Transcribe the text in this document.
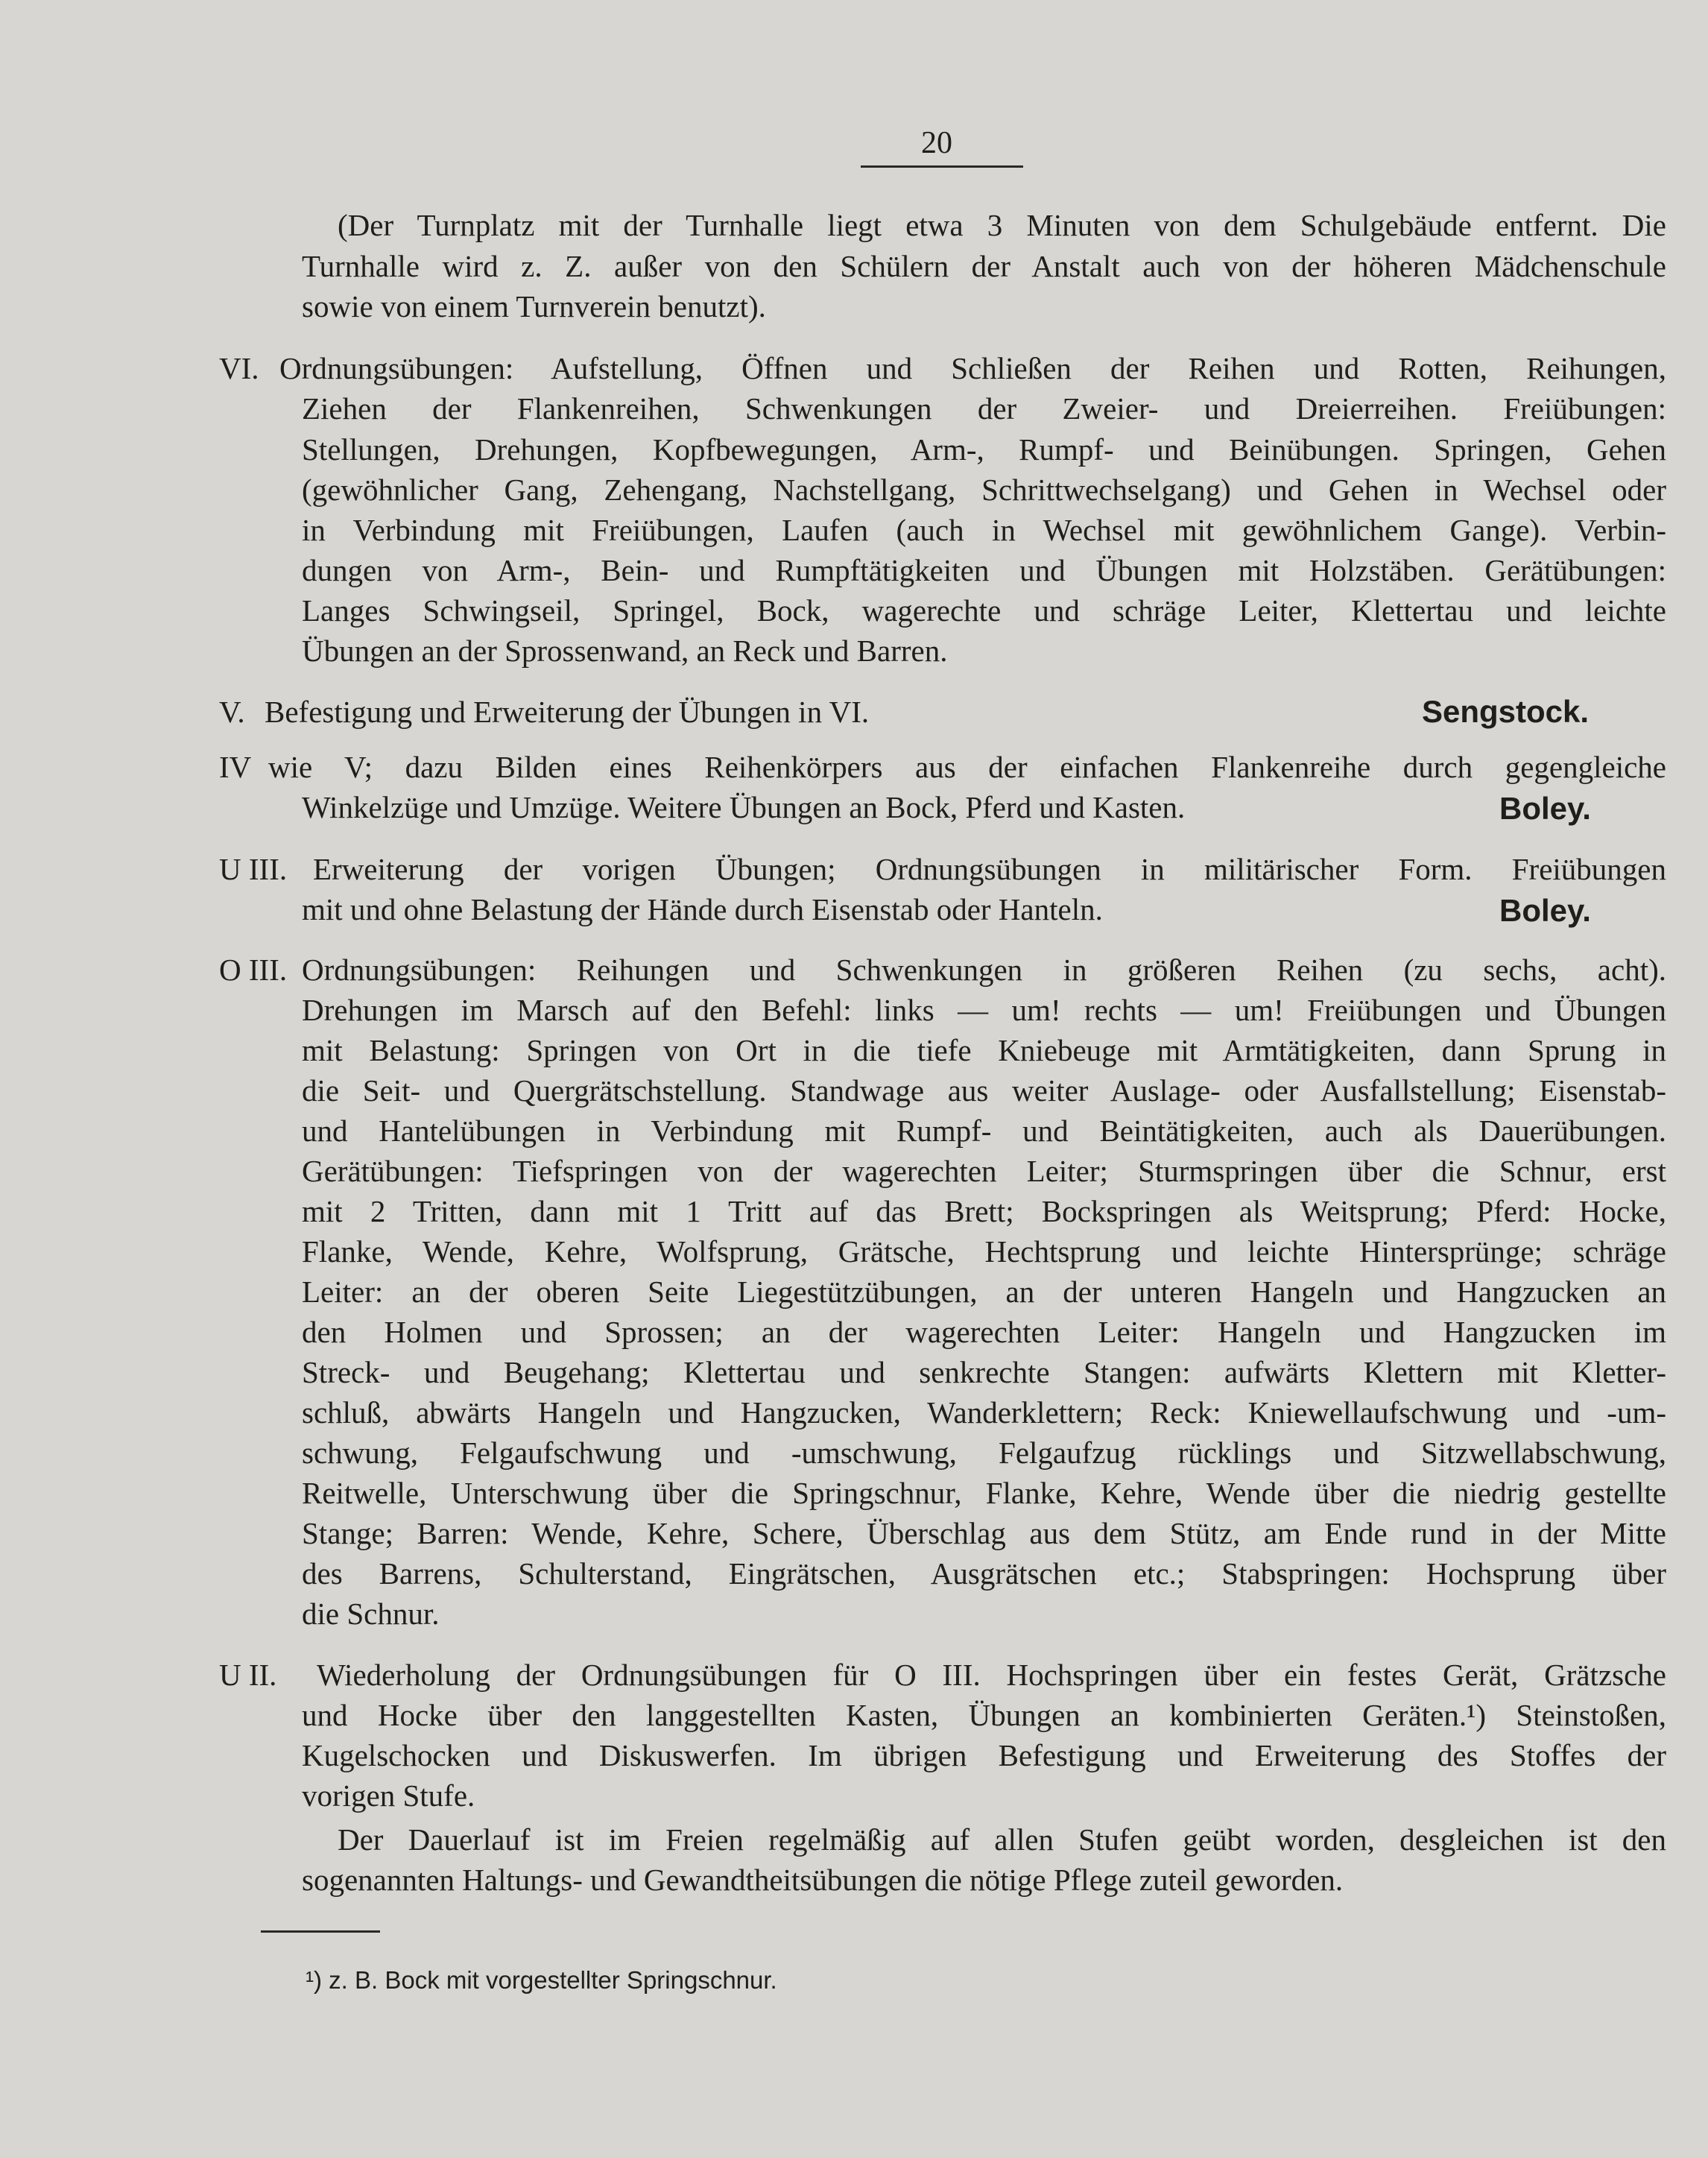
20
(Der Turnplatz mit der Turnhalle liegt etwa 3 Minuten von dem Schulgebäude entfernt. Die
Turnhalle wird z. Z. außer von den Schülern der Anstalt auch von der höheren Mädchenschule
sowie von einem Turnverein benutzt).
VI. Ordnungsübungen: Aufstellung, Öffnen und Schließen der Reihen und Rotten, Reihungen,
Ziehen der Flankenreihen, Schwenkungen der Zweier- und Dreierreihen. Freiübungen:
Stellungen, Drehungen, Kopfbewegungen, Arm-, Rumpf- und Beinübungen. Springen, Gehen
(gewöhnlicher Gang, Zehengang, Nachstellgang, Schrittwechselgang) und Gehen in Wechsel oder
in Verbindung mit Freiübungen, Laufen (auch in Wechsel mit gewöhnlichem Gange). Verbin-
dungen von Arm-, Bein- und Rumpftätigkeiten und Übungen mit Holzstäben. Gerätübungen:
Langes Schwingseil, Springel, Bock, wagerechte und schräge Leiter, Klettertau und leichte
Übungen an der Sprossenwand, an Reck und Barren.
V. Befestigung und Erweiterung der Übungen in VI.	Sengstock.
IV wie V; dazu Bilden eines Reihenkörpers aus der einfachen Flankenreihe durch gegengleiche
Winkelzüge und Umzüge. Weitere Übungen an Bock, Pferd und Kasten.	Boley.
U III. Erweiterung der vorigen Übungen; Ordnungsübungen in militärischer Form. Freiübungen
mit und ohne Belastung der Hände durch Eisenstab oder Hanteln.	Boley.
O III. Ordnungsübungen: Reihungen und Schwenkungen in größeren Reihen (zu sechs, acht).
Drehungen im Marsch auf den Befehl: links — um! rechts — um! Freiübungen und Übungen
mit Belastung: Springen von Ort in die tiefe Kniebeuge mit Armtätigkeiten, dann Sprung in
die Seit- und Quergrätschstellung. Standwage aus weiter Auslage- oder Ausfallstellung; Eisenstab-
und Hantelübungen in Verbindung mit Rumpf- und Beintätigkeiten, auch als Dauerübungen.
Gerätübungen: Tiefspringen von der wagerechten Leiter; Sturmspringen über die Schnur, erst
mit 2 Tritten, dann mit 1 Tritt auf das Brett; Bockspringen als Weitsprung; Pferd: Hocke,
Flanke, Wende, Kehre, Wolfsprung, Grätsche, Hechtsprung und leichte Hintersprünge; schräge
Leiter: an der oberen Seite Liegestützübungen, an der unteren Hangeln und Hangzucken an
den Holmen und Sprossen; an der wagerechten Leiter: Hangeln und Hangzucken im
Streck- und Beugehang; Klettertau und senkrechte Stangen: aufwärts Klettern mit Kletter-
schluß, abwärts Hangeln und Hangzucken, Wanderklettern; Reck: Kniewellaufschwung und -um-
schwung, Felgaufschwung und -umschwung, Felgaufzug rücklings und Sitzwellabschwung,
Reitwelle, Unterschwung über die Springschnur, Flanke, Kehre, Wende über die niedrig gestellte
Stange; Barren: Wende, Kehre, Schere, Überschlag aus dem Stütz, am Ende rund in der Mitte
des Barrens, Schulterstand, Eingrätschen, Ausgrätschen etc.; Stabspringen: Hochsprung über
die Schnur.
U II. Wiederholung der Ordnungsübungen für O III. Hochspringen über ein festes Gerät, Grätzsche
und Hocke über den langgestellten Kasten, Übungen an kombinierten Geräten.¹) Steinstoßen,
Kugelschocken und Diskuswerfen. Im übrigen Befestigung und Erweiterung des Stoffes der
vorigen Stufe.
Der Dauerlauf ist im Freien regelmäßig auf allen Stufen geübt worden, desgleichen ist den
sogenannten Haltungs- und Gewandtheitsübungen die nötige Pflege zuteil geworden.
¹) z. B. Bock mit vorgestellter Springschnur.
